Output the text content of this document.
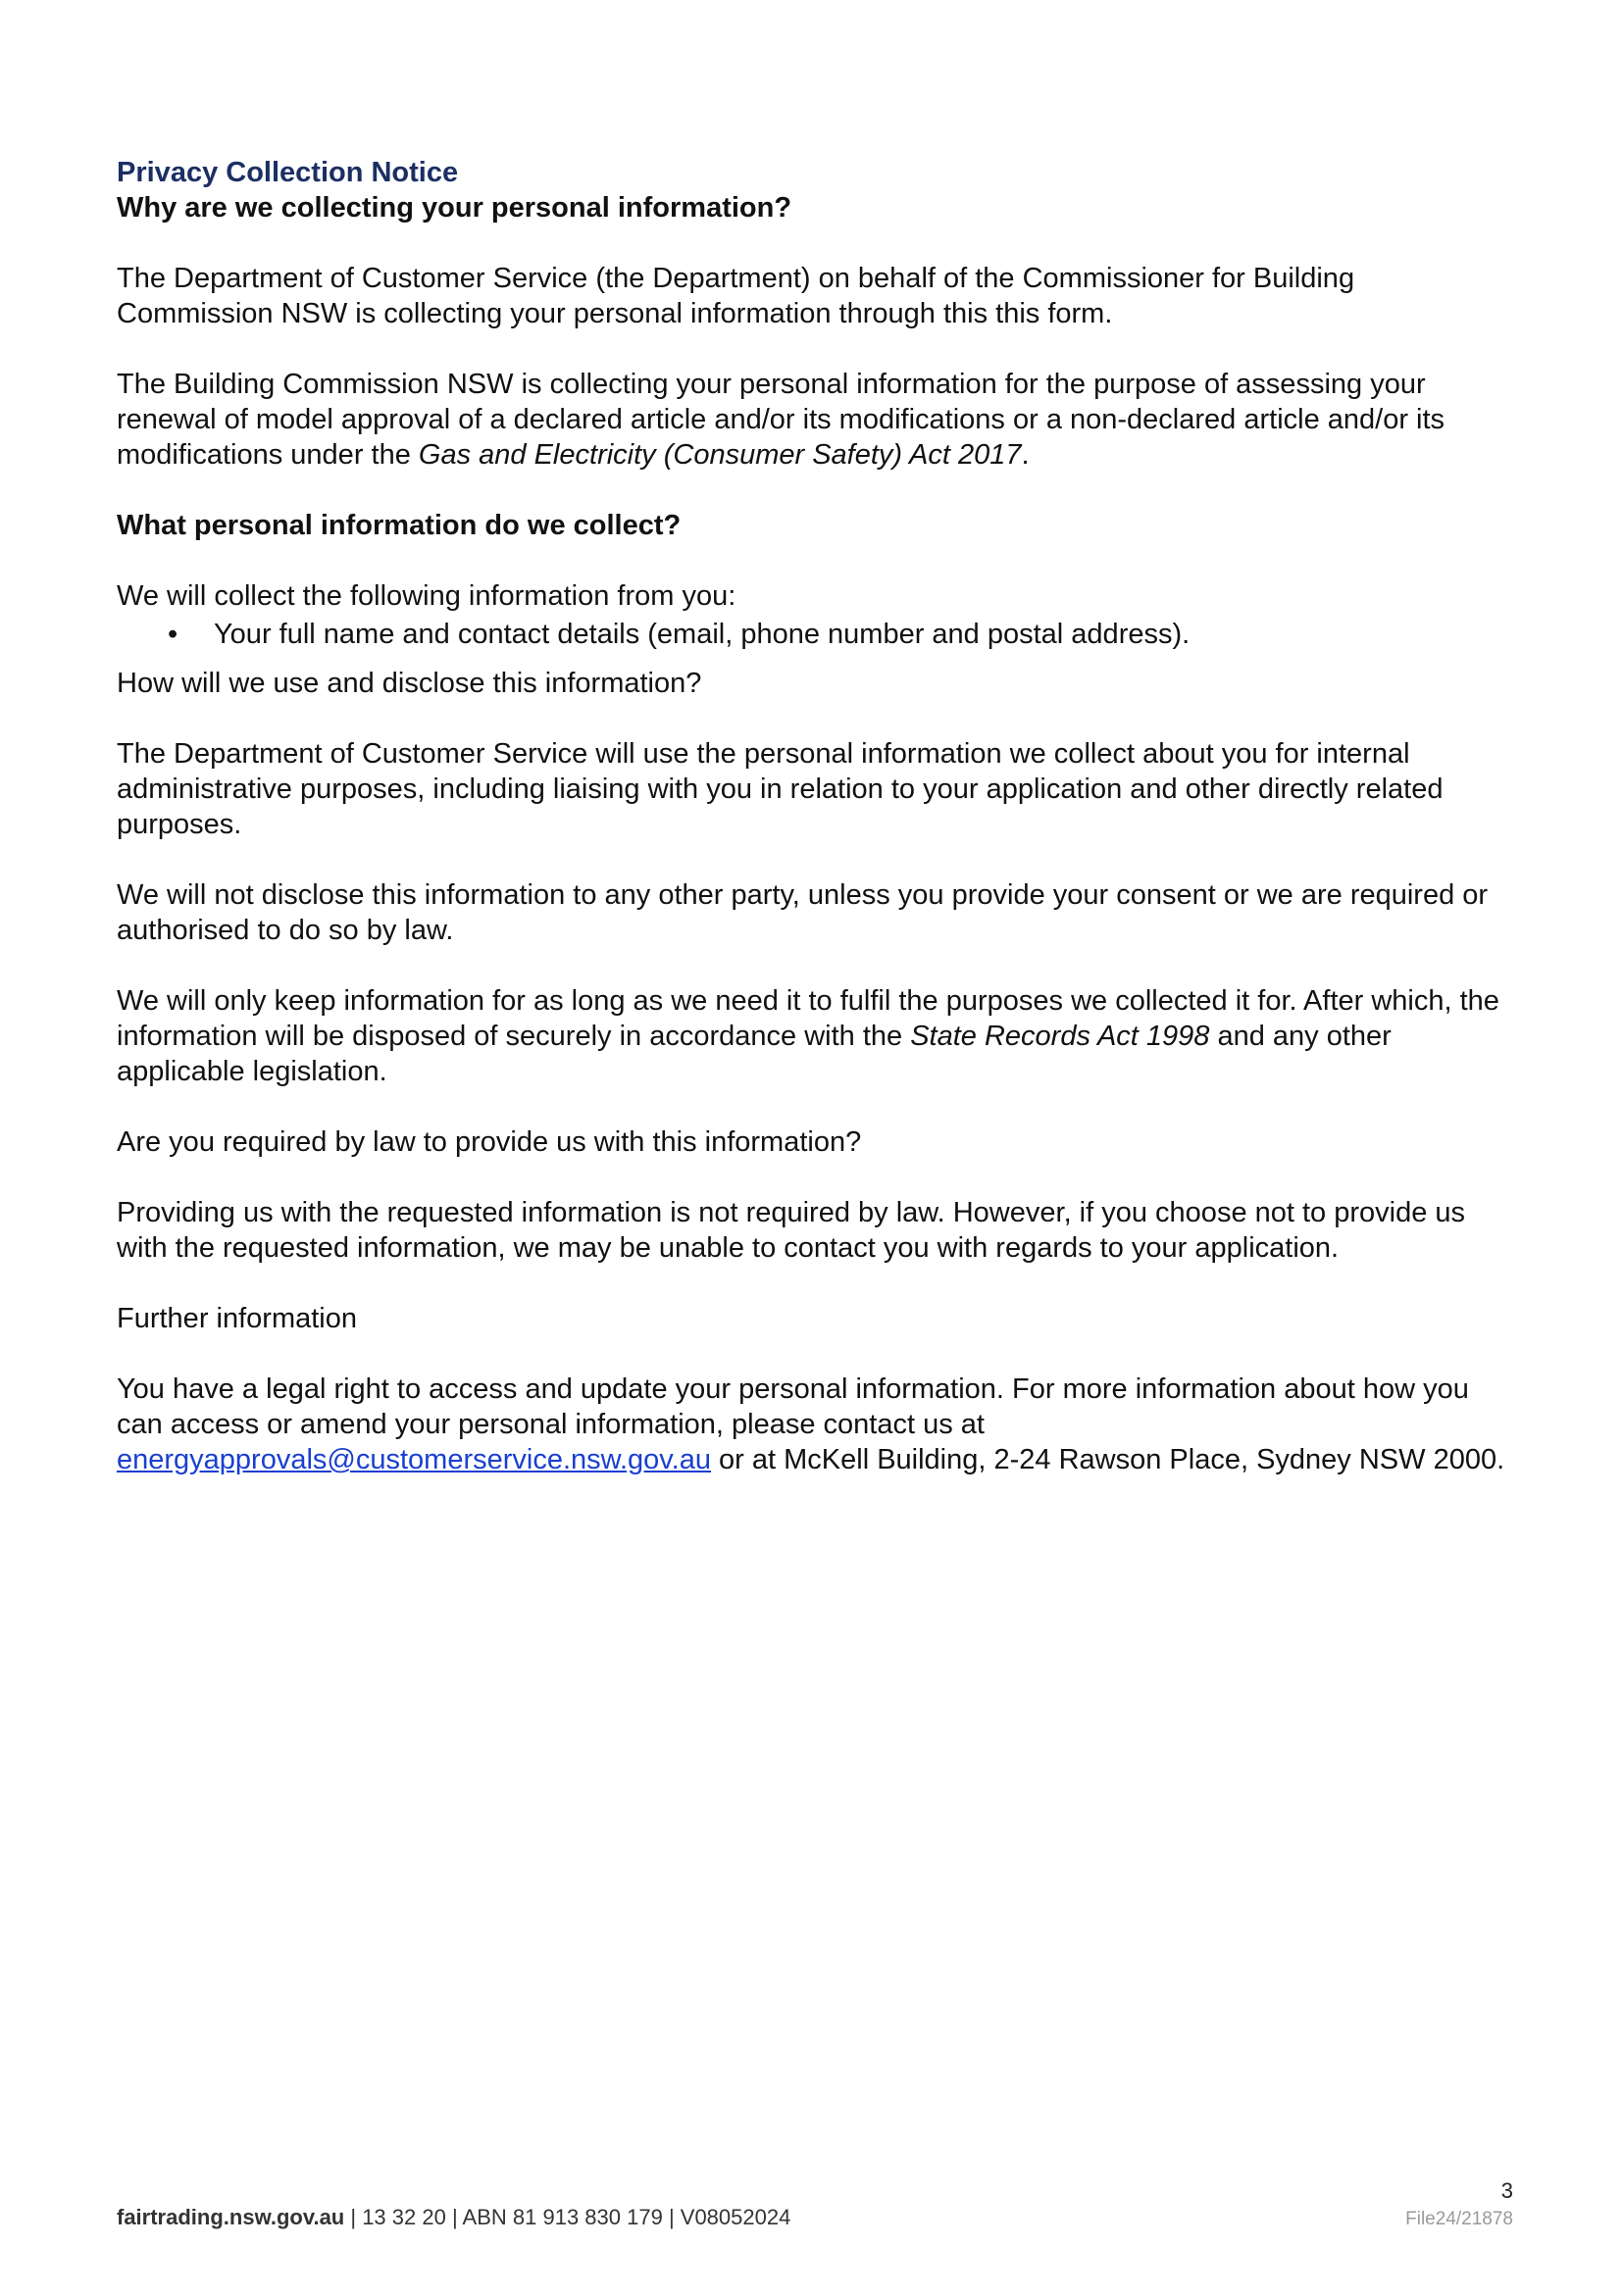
Privacy Collection Notice

Why are we collecting your personal information?

The Department of Customer Service (the Department) on behalf of the Commissioner for Building Commission NSW is collecting your personal information through this this form.

The Building Commission NSW is collecting your personal information for the purpose of assessing your renewal of model approval of a declared article and/or its modifications or a non-declared article and/or its modifications under the Gas and Electricity (Consumer Safety) Act 2017.

What personal information do we collect?

We will collect the following information from you:

• Your full name and contact details (email, phone number and postal address).

How will we use and disclose this information?

The Department of Customer Service will use the personal information we collect about you for internal administrative purposes, including liaising with you in relation to your application and other directly related purposes.

We will not disclose this information to any other party, unless you provide your consent or we are required or authorised to do so by law.

We will only keep information for as long as we need it to fulfil the purposes we collected it for. After which, the information will be disposed of securely in accordance with the State Records Act 1998 and any other applicable legislation.

Are you required by law to provide us with this information?

Providing us with the requested information is not required by law. However, if you choose not to provide us with the requested information, we may be unable to contact you with regards to your application.

Further information

You have a legal right to access and update your personal information. For more information about how you can access or amend your personal information, please contact us at energyapprovals@customerservice.nsw.gov.au or at McKell Building, 2-24 Rawson Place, Sydney NSW 2000.

fairtrading.nsw.gov.au | 13 32 20 | ABN 81 913 830 179 | V08052024
3
File24/21878
